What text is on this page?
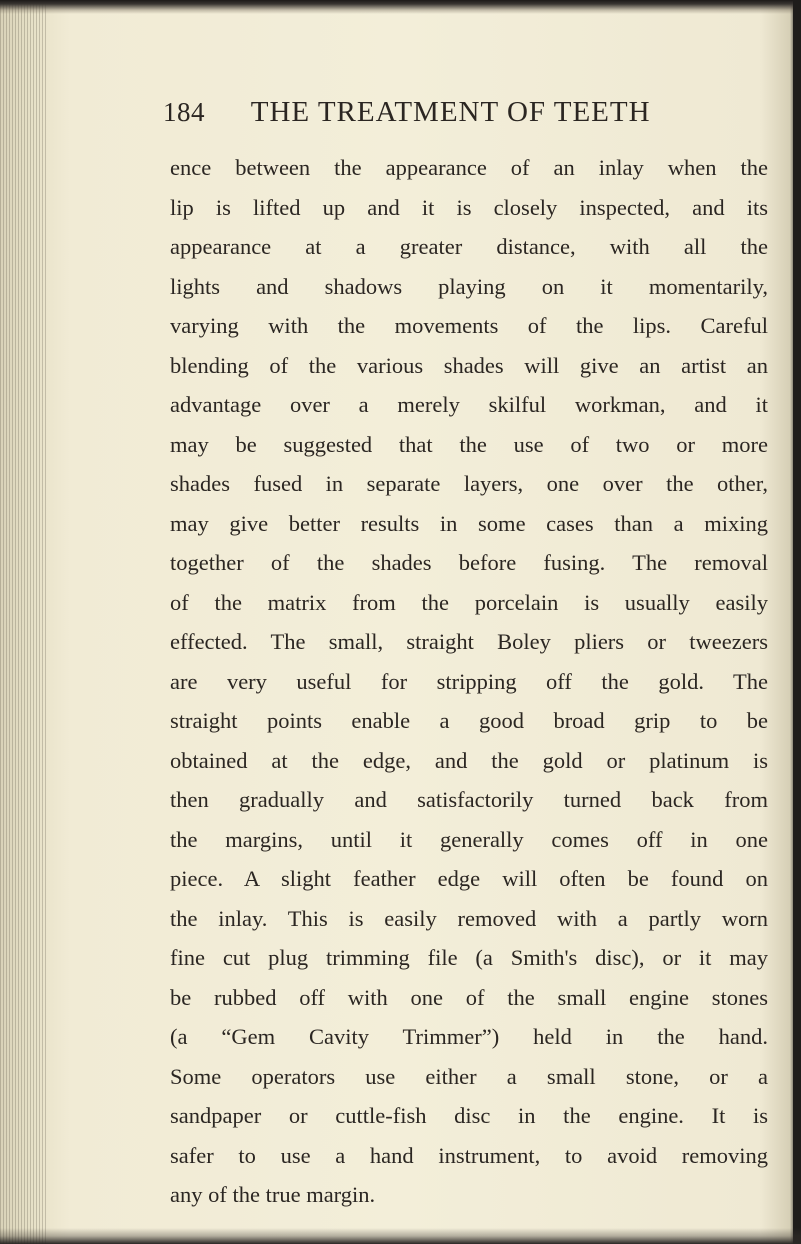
184 THE TREATMENT OF TEETH
ence between the appearance of an inlay when the
lip is lifted up and it is closely inspected, and its
appearance at a greater distance, with all the
lights and shadows playing on it momentarily,
varying with the movements of the lips. Careful
blending of the various shades will give an artist an
advantage over a merely skilful workman, and it
may be suggested that the use of two or more
shades fused in separate layers, one over the other,
may give better results in some cases than a mixing
together of the shades before fusing. The removal
of the matrix from the porcelain is usually easily
effected. The small, straight Boley pliers or tweezers
are very useful for stripping off the gold. The
straight points enable a good broad grip to be
obtained at the edge, and the gold or platinum is
then gradually and satisfactorily turned back from
the margins, until it generally comes off in one
piece. A slight feather edge will often be found on
the inlay. This is easily removed with a partly worn
fine cut plug trimming file (a Smith's disc), or it may
be rubbed off with one of the small engine stones
(a “Gem Cavity Trimmer”) held in the hand.
Some operators use either a small stone, or a
sandpaper or cuttle-fish disc in the engine. It is
safer to use a hand instrument, to avoid removing
any of the true margin.
